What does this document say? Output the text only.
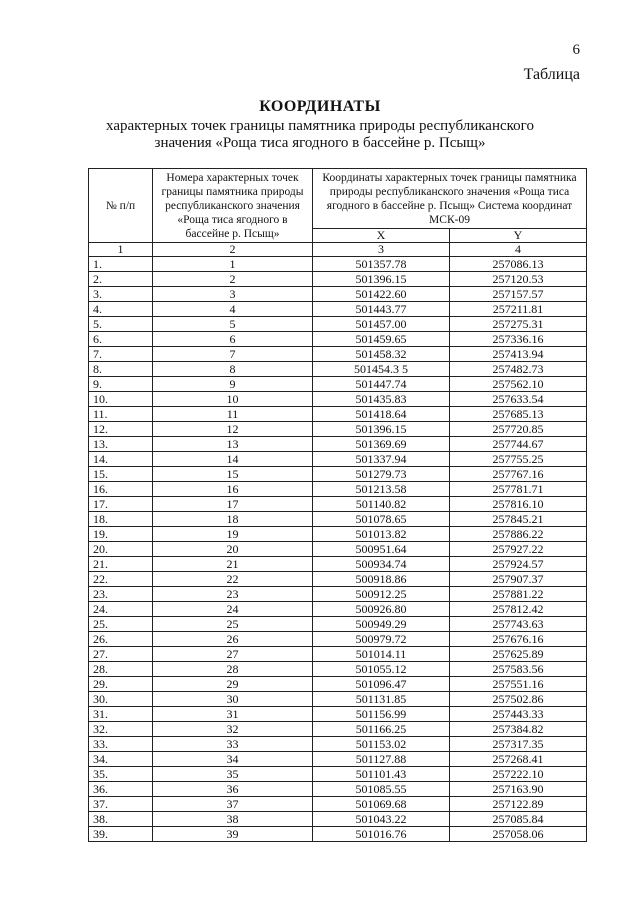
6
Таблица
КООРДИНАТЫ
характерных точек границы памятника природы республиканского
значения «Роща тиса ягодного в бассейне р. Псыщ»
№ п/п	Номера характерных точек границы памятника природы республиканского значения «Роща тиса ягодного в бассейне р. Псыщ»	Координаты характерных точек границы памятника природы республиканского значения «Роща тиса ягодного в бассейне р. Псыщ» Система координат МСК-09	
		X	Y
1	2	3	4
1.	1	501357.78	257086.13
2.	2	501396.15	257120.53
3.	3	501422.60	257157.57
4.	4	501443.77	257211.81
5.	5	501457.00	257275.31
6.	6	501459.65	257336.16
7.	7	501458.32	257413.94
8.	8	501454.3 5	257482.73
9.	9	501447.74	257562.10
10.	10	501435.83	257633.54
11.	11	501418.64	257685.13
12.	12	501396.15	257720.85
13.	13	501369.69	257744.67
14.	14	501337.94	257755.25
15.	15	501279.73	257767.16
16.	16	501213.58	257781.71
17.	17	501140.82	257816.10
18.	18	501078.65	257845.21
19.	19	501013.82	257886.22
20.	20	500951.64	257927.22
21.	21	500934.74	257924.57
22.	22	500918.86	257907.37
23.	23	500912.25	257881.22
24.	24	500926.80	257812.42
25.	25	500949.29	257743.63
26.	26	500979.72	257676.16
27.	27	501014.11	257625.89
28.	28	501055.12	257583.56
29.	29	501096.47	257551.16
30.	30	501131.85	257502.86
31.	31	501156.99	257443.33
32.	32	501166.25	257384.82
33.	33	501153.02	257317.35
34.	34	501127.88	257268.41
35.	35	501101.43	257222.10
36.	36	501085.55	257163.90
37.	37	501069.68	257122.89
38.	38	501043.22	257085.84
39.	39	501016.76	257058.06
